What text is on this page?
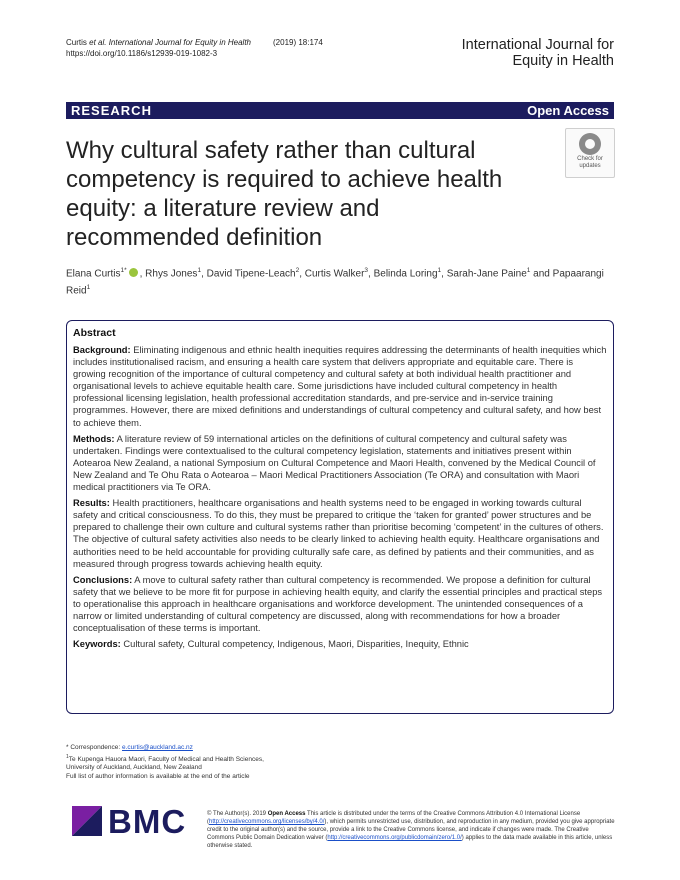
Curtis et al. International Journal for Equity in Health	(2019) 18:174
https://doi.org/10.1186/s12939-019-1082-3	International Journal for
Equity in Health
RESEARCH	Open Access
Why cultural safety rather than cultural competency is required to achieve health equity: a literature review and recommended definition
Check for
updates
Elana Curtis$^{1*}$ , Rhys Jones$^1$, David Tipene-Leach$^2$, Curtis Walker$^3$, Belinda Loring$^1$, Sarah-Jane Paine$^1$ and Papaarangi Reid$^1$
Abstract

Background: Eliminating indigenous and ethnic health inequities requires addressing the determinants of health inequities which includes institutionalised racism, and ensuring a health care system that delivers appropriate and equitable care. There is growing recognition of the importance of cultural competency and cultural safety at both individual health practitioner and organisational levels to achieve equitable health care. Some jurisdictions have included cultural competency in health professional licensing legislation, health professional accreditation standards, and pre-service and in-service training programmes. However, there are mixed definitions and understandings of cultural competency and cultural safety, and how best to achieve them.

Methods: A literature review of 59 international articles on the definitions of cultural competency and cultural safety was undertaken. Findings were contextualised to the cultural competency legislation, statements and initiatives present within Aotearoa New Zealand, a national Symposium on Cultural Competence and Maori Health, convened by the Medical Council of New Zealand and Te Ohu Rata o Aotearoa – Maori Medical Practitioners Association (Te ORA) and consultation with Maori medical practitioners via Te ORA.

Results: Health practitioners, healthcare organisations and health systems need to be engaged in working towards cultural safety and critical consciousness. To do this, they must be prepared to critique the ‘taken for granted’ power structures and be prepared to challenge their own culture and cultural systems rather than prioritise becoming ‘competent’ in the cultures of others. The objective of cultural safety activities also needs to be clearly linked to achieving health equity. Healthcare organisations and authorities need to be held accountable for providing culturally safe care, as defined by patients and their communities, and as measured through progress towards achieving health equity.

Conclusions: A move to cultural safety rather than cultural competency is recommended. We propose a definition for cultural safety that we believe to be more fit for purpose in achieving health equity, and clarify the essential principles and practical steps to operationalise this approach in healthcare organisations and workforce development. The unintended consequences of a narrow or limited understanding of cultural competency are discussed, along with recommendations for how a broader conceptualisation of these terms is important.

Keywords: Cultural safety, Cultural competency, Indigenous, Maori, Disparities, Inequity, Ethnic

* Correspondence: e.curtis@auckland.ac.nz
$^1$Te Kupenga Hauora Maori, Faculty of Medical and Health Sciences,
University of Auckland, Auckland, New Zealand
Full list of author information is available at the end of the article
BMC	© The Author(s). 2019 Open Access This article is distributed under the terms of the Creative Commons Attribution 4.0 International License (http://creativecommons.org/licenses/by/4.0/), which permits unrestricted use, distribution, and reproduction in any medium, provided you give appropriate credit to the original author(s) and the source, provide a link to the Creative Commons license, and indicate if changes were made. The Creative Commons Public Domain Dedication waiver (http://creativecommons.org/publicdomain/zero/1.0/) applies to the data made available in this article, unless otherwise stated.
